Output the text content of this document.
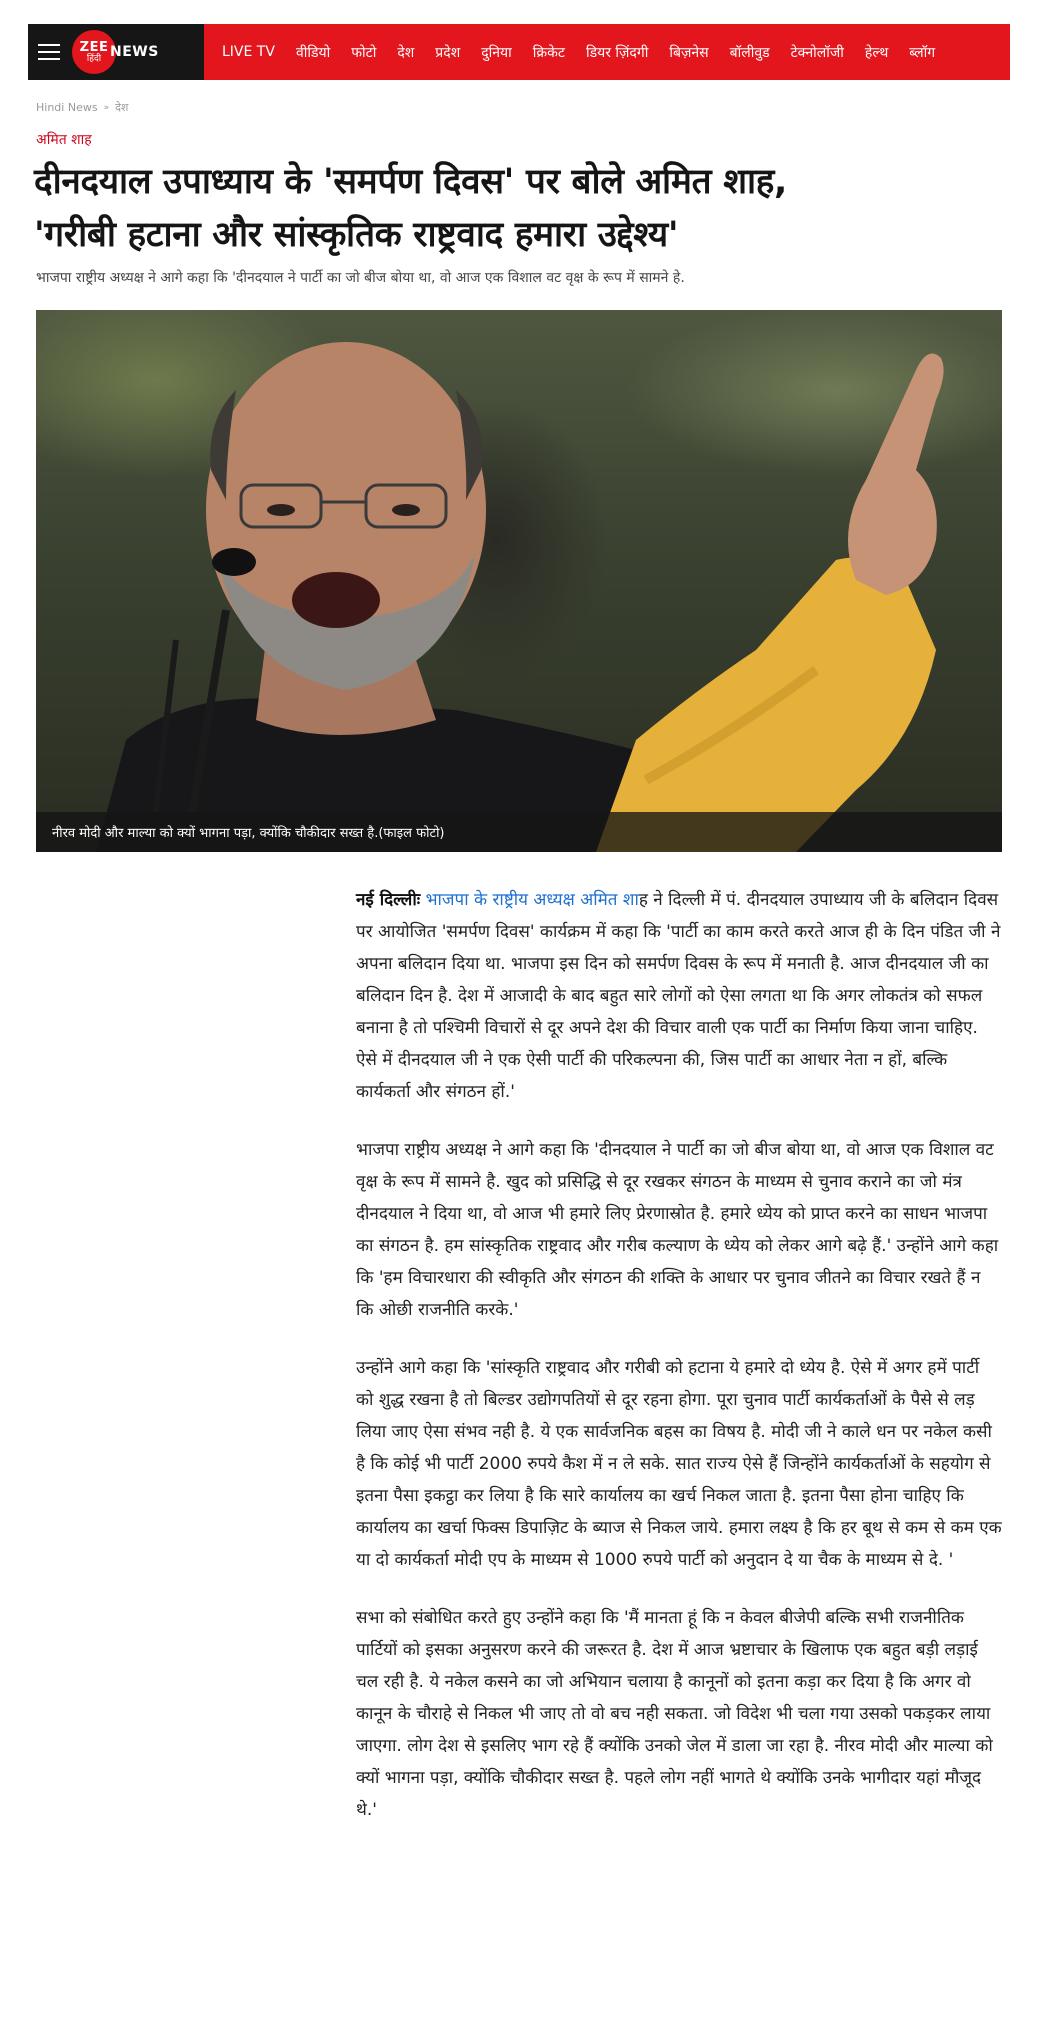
ZEE
हिंदी NEWS	LIVE TV वीडियो फोटो देश प्रदेश दुनिया क्रिकेट डियर ज़िंदगी बिज़नेस बॉलीवुड टेक्नोलॉजी हेल्थ ब्लॉग
Hindi News » देश
अमित शाह
दीनदयाल उपाध्याय के 'समर्पण दिवस' पर बोले अमित शाह,
'गरीबी हटाना और सांस्कृतिक राष्ट्रवाद हमारा उद्देश्य'
भाजपा राष्ट्रीय अध्यक्ष ने आगे कहा कि 'दीनदयाल ने पार्टी का जो बीज बोया था, वो आज एक विशाल वट वृक्ष के रूप में सामने हे.
नीरव मोदी और माल्या को क्यों भागना पड़ा, क्योंकि चौकीदार सख्त है.(फाइल फोटो)

नई दिल्लीः भाजपा के राष्ट्रीय अध्यक्ष अमित शाह ने दिल्ली में पं. दीनदयाल उपाध्याय जी के बलिदान दिवस पर आयोजित 'समर्पण दिवस' कार्यक्रम में कहा कि 'पार्टी का काम करते करते आज ही के दिन पंडित जी ने अपना बलिदान दिया था. भाजपा इस दिन को समर्पण दिवस के रूप में मनाती है. आज दीनदयाल जी का बलिदान दिन है. देश में आजादी के बाद बहुत सारे लोगों को ऐसा लगता था कि अगर लोकतंत्र को सफल बनाना है तो पश्चिमी विचारों से दूर अपने देश की विचार वाली एक पार्टी का निर्माण किया जाना चाहिए. ऐसे में दीनदयाल जी ने एक ऐसी पार्टी की परिकल्पना की, जिस पार्टी का आधार नेता न हों, बल्कि कार्यकर्ता और संगठन हों.'

भाजपा राष्ट्रीय अध्यक्ष ने आगे कहा कि 'दीनदयाल ने पार्टी का जो बीज बोया था, वो आज एक विशाल वट वृक्ष के रूप में सामने है. खुद को प्रसिद्धि से दूर रखकर संगठन के माध्यम से चुनाव कराने का जो मंत्र दीनदयाल ने दिया था, वो आज भी हमारे लिए प्रेरणास्रोत है. हमारे ध्येय को प्राप्त करने का साधन भाजपा का संगठन है. हम सांस्कृतिक राष्ट्रवाद और गरीब कल्याण के ध्येय को लेकर आगे बढ़े हैं.' उन्होंने आगे कहा कि 'हम विचारधारा की स्वीकृति और संगठन की शक्ति के आधार पर चुनाव जीतने का विचार रखते हैं न कि ओछी राजनीति करके.'

उन्होंने आगे कहा कि 'सांस्कृति राष्ट्रवाद और गरीबी को हटाना ये हमारे दो ध्येय है. ऐसे में अगर हमें पार्टी को शुद्ध रखना है तो बिल्डर उद्योगपतियों से दूर रहना होगा. पूरा चुनाव पार्टी कार्यकर्ताओं के पैसे से लड़ लिया जाए ऐसा संभव नही है. ये एक सार्वजनिक बहस का विषय है. मोदी जी ने काले धन पर नकेल कसी है कि कोई भी पार्टी 2000 रुपये कैश में न ले सके. सात राज्य ऐसे हैं जिन्होंने कार्यकर्ताओं के सहयोग से इतना पैसा इकट्ठा कर लिया है कि सारे कार्यालय का खर्च निकल जाता है. इतना पैसा होना चाहिए कि कार्यालय का खर्चा फिक्स डिपाज़िट के ब्याज से निकल जाये. हमारा लक्ष्य है कि हर बूथ से कम से कम एक या दो कार्यकर्ता मोदी एप के माध्यम से 1000 रुपये पार्टी को अनुदान दे या चैक के माध्यम से दे. '

सभा को संबोधित करते हुए उन्होंने कहा कि 'मैं मानता हूं कि न केवल बीजेपी बल्कि सभी राजनीतिक पार्टियों को इसका अनुसरण करने की जरूरत है. देश में आज भ्रष्टाचार के खिलाफ एक बहुत बड़ी लड़ाई चल रही है. ये नकेल कसने का जो अभियान चलाया है कानूनों को इतना कड़ा कर दिया है कि अगर वो कानून के चौराहे से निकल भी जाए तो वो बच नही सकता. जो विदेश भी चला गया उसको पकड़कर लाया जाएगा. लोग देश से इसलिए भाग रहे हैं क्योंकि उनको जेल में डाला जा रहा है. नीरव मोदी और माल्या को क्यों भागना पड़ा, क्योंकि चौकीदार सख्त है. पहले लोग नहीं भागते थे क्योंकि उनके भागीदार यहां मौजूद थे.'
